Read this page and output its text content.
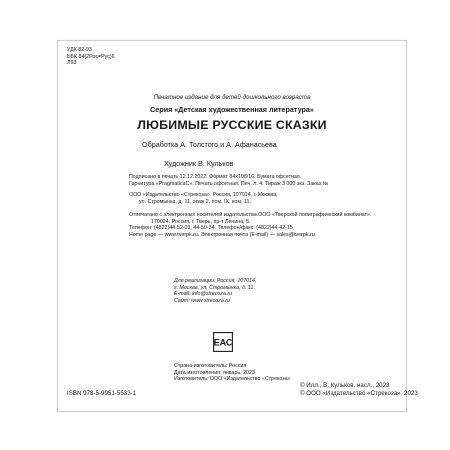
УДК 82-93
ББК 84(2Рос=Рус)6
Л93
Печатное издание для детей дошкольного возраста
Серия «Детская художественная литература»
ЛЮБИМЫЕ РУССКИЕ СКАЗКИ
Обработка А. Толстого и А. Афанасьева
Художник В. Кульков
Подписано в печать 12.12.2022. Формат 84х108/16. Бумага офсетная.
Гарнитура «PragmaticaC». Печать офсетная. Печ. л. 4. Тираж 3 000 экз. Заказ №
ООО «Издательство «Стрекоза». Россия, 107014, г. Москва,
ул. Стромынка, д. 11, этаж 2, пом. IX, ком. 11.
Отпечатано с электронных носителей издательства ООО «Тверской полиграфический комбинат».
170024, Россия, г. Тверь, пр-т Ленина, 5.
Телефон: (4822)44-52-03, 44-50-34. Телефон/факс: (4822)44-42-15
Home page — www.tverpk.ru. Электронная почта (E-mail) — sales@tverpk.ru
Для реализации: Россия, 107014,
г. Москва, ул. Стромынка, д. 11.
E-mail: info@strecoza.ru
Сайт: www.strecoza.ru
EAC
Страна-изготовитель: Россия
Дата изготовления: январь, 2023
Изготовитель: ООО «Издательство «Стрекоза»
ISBN 978-5-9951-5533-1
© Илл., В. Кульков, насл., 2023
© ООО «Издательство «Стрекоза», 2023
